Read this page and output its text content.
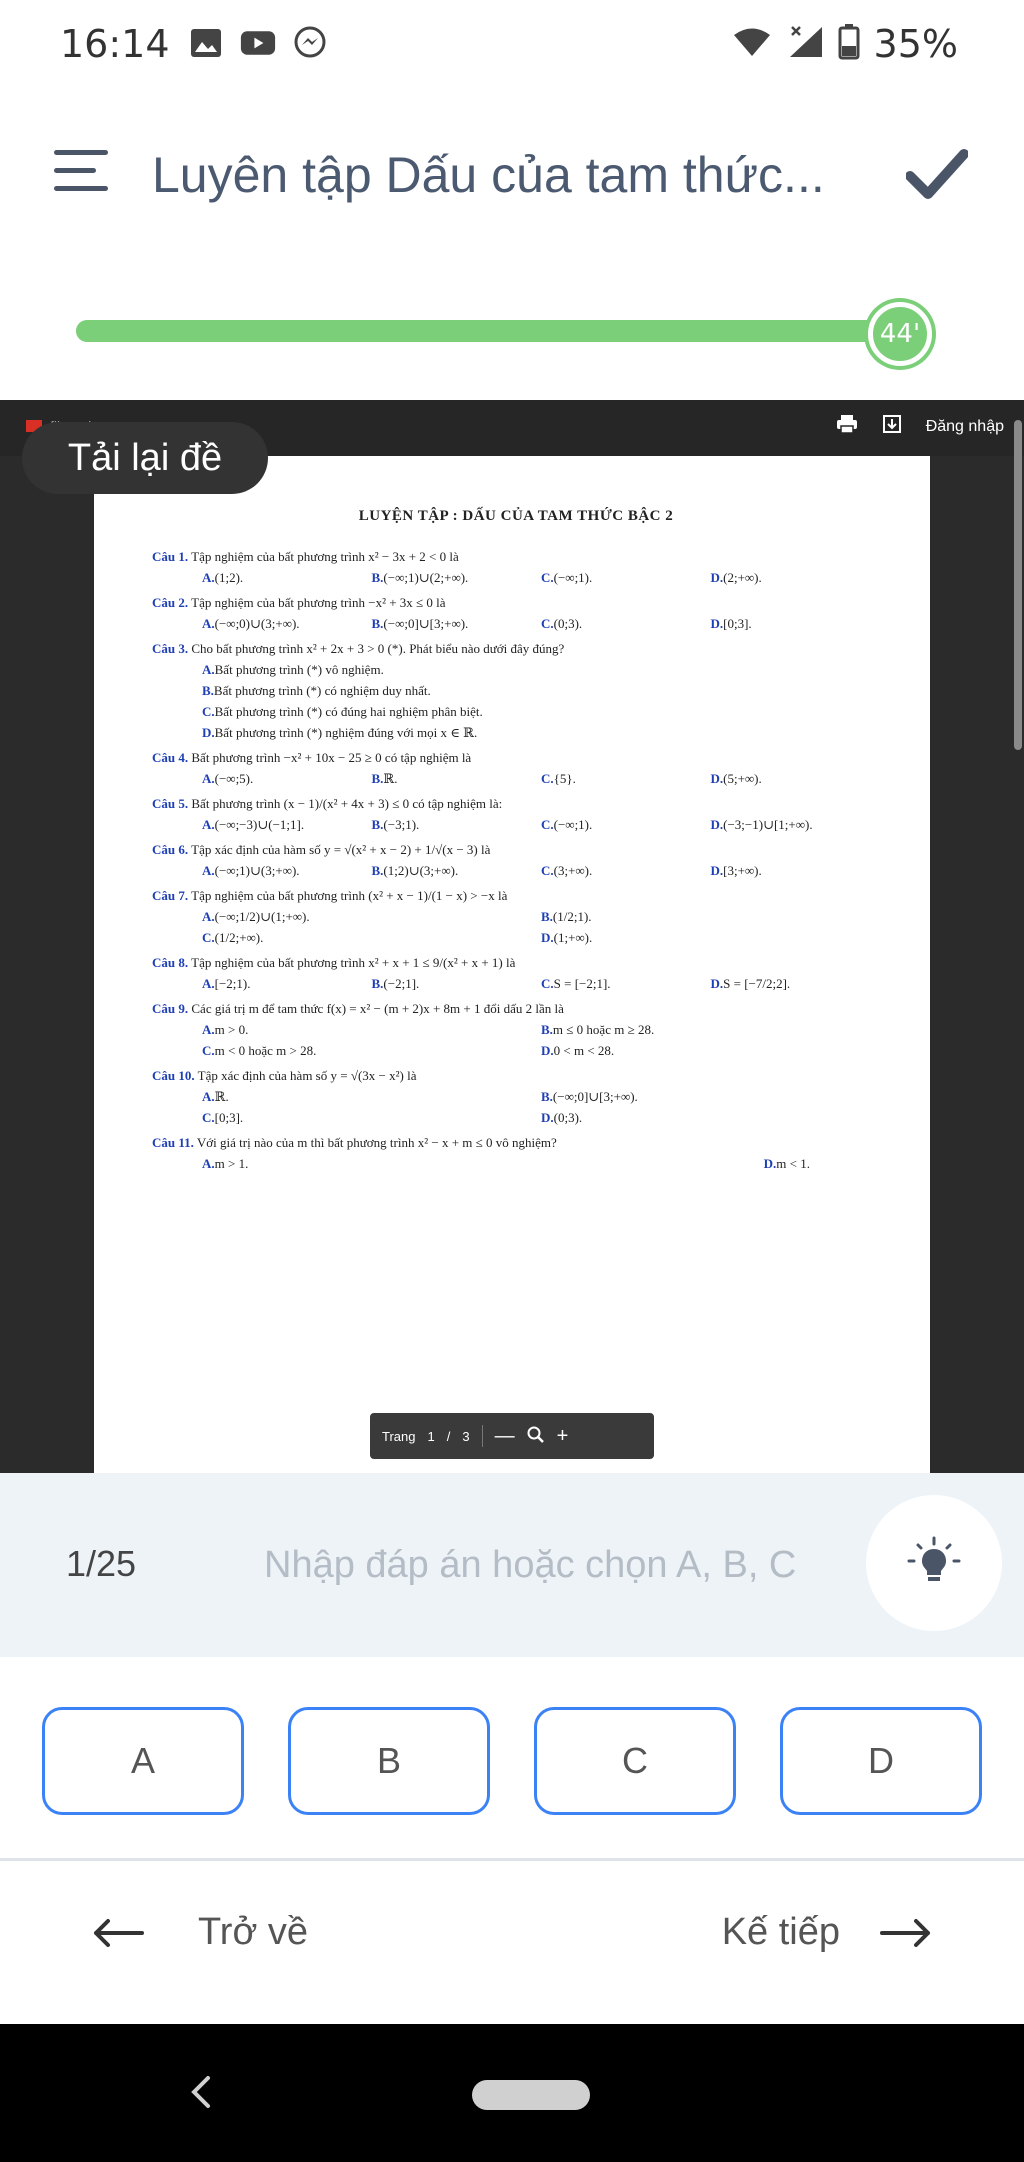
16:14	35%
Luyên tập Dấu của tam thức...
44'
Đăng nhập
Tải lại đề
LUYỆN TẬP : DẤU CỦA TAM THỨC BẬC 2
Câu 1. Tập nghiệm của bất phương trình x² − 3x + 2 < 0 là
A.(1;2).	B.(−∞;1)∪(2;+∞).	C.(−∞;1).	D.(2;+∞).
Câu 2. Tập nghiệm của bất phương trình −x² + 3x ≤ 0 là
A.(−∞;0)∪(3;+∞).	B.(−∞;0]∪[3;+∞).	C.(0;3).	D.[0;3].
Câu 3. Cho bất phương trình x² + 2x + 3 > 0 (*). Phát biểu nào dưới đây đúng?
A.Bất phương trình (*) vô nghiệm.
B.Bất phương trình (*) có nghiệm duy nhất.
C.Bất phương trình (*) có đúng hai nghiệm phân biệt.
D.Bất phương trình (*) nghiệm đúng với mọi x ∈ ℝ.
Câu 4. Bất phương trình −x² + 10x − 25 ≥ 0 có tập nghiệm là
A.(−∞;5).	B.ℝ.	C.{5}.	D.(5;+∞).
Câu 5. Bất phương trình (x − 1)/(x² + 4x + 3) ≤ 0 có tập nghiệm là:
A.(−∞;−3)∪(−1;1].	B.(−3;1).	C.(−∞;1).	D.(−3;−1)∪[1;+∞).
Câu 6. Tập xác định của hàm số y = √(x² + x − 2) + 1/√(x − 3) là
A.(−∞;1)∪(3;+∞).	B.(1;2)∪(3;+∞).	C.(3;+∞).	D.[3;+∞).
Câu 7. Tập nghiệm của bất phương trình (x² + x − 1)/(1 − x) > −x là
A.(−∞;1/2)∪(1;+∞).	B.(1/2;1).
C.(1/2;+∞).	D.(1;+∞).
Câu 8. Tập nghiệm của bất phương trình x² + x + 1 ≤ 9/(x² + x + 1) là
A.[−2;1).	B.(−2;1].	C.S = [−2;1].	D.S = [−7/2;2].
Câu 9. Các giá trị m để tam thức f(x) = x² − (m + 2)x + 8m + 1 đổi dấu 2 lần là
A.m > 0.	B.m ≤ 0 hoặc m ≥ 28.
C.m < 0 hoặc m > 28.	D.0 < m < 28.
Câu 10. Tập xác định của hàm số y = √(3x − x²) là
A.ℝ.	B.(−∞;0]∪[3;+∞).
C.[0;3].	D.(0;3).
Câu 11. Với giá trị nào của m thì bất phương trình x² − x + m ≤ 0 vô nghiệm?
A.m > 1.	D.m < 1.
Trang 1 / 3 — +
1/25
Nhập đáp án hoặc chọn A, B, C
A	B	C	D
Trở về	Kế tiếp
